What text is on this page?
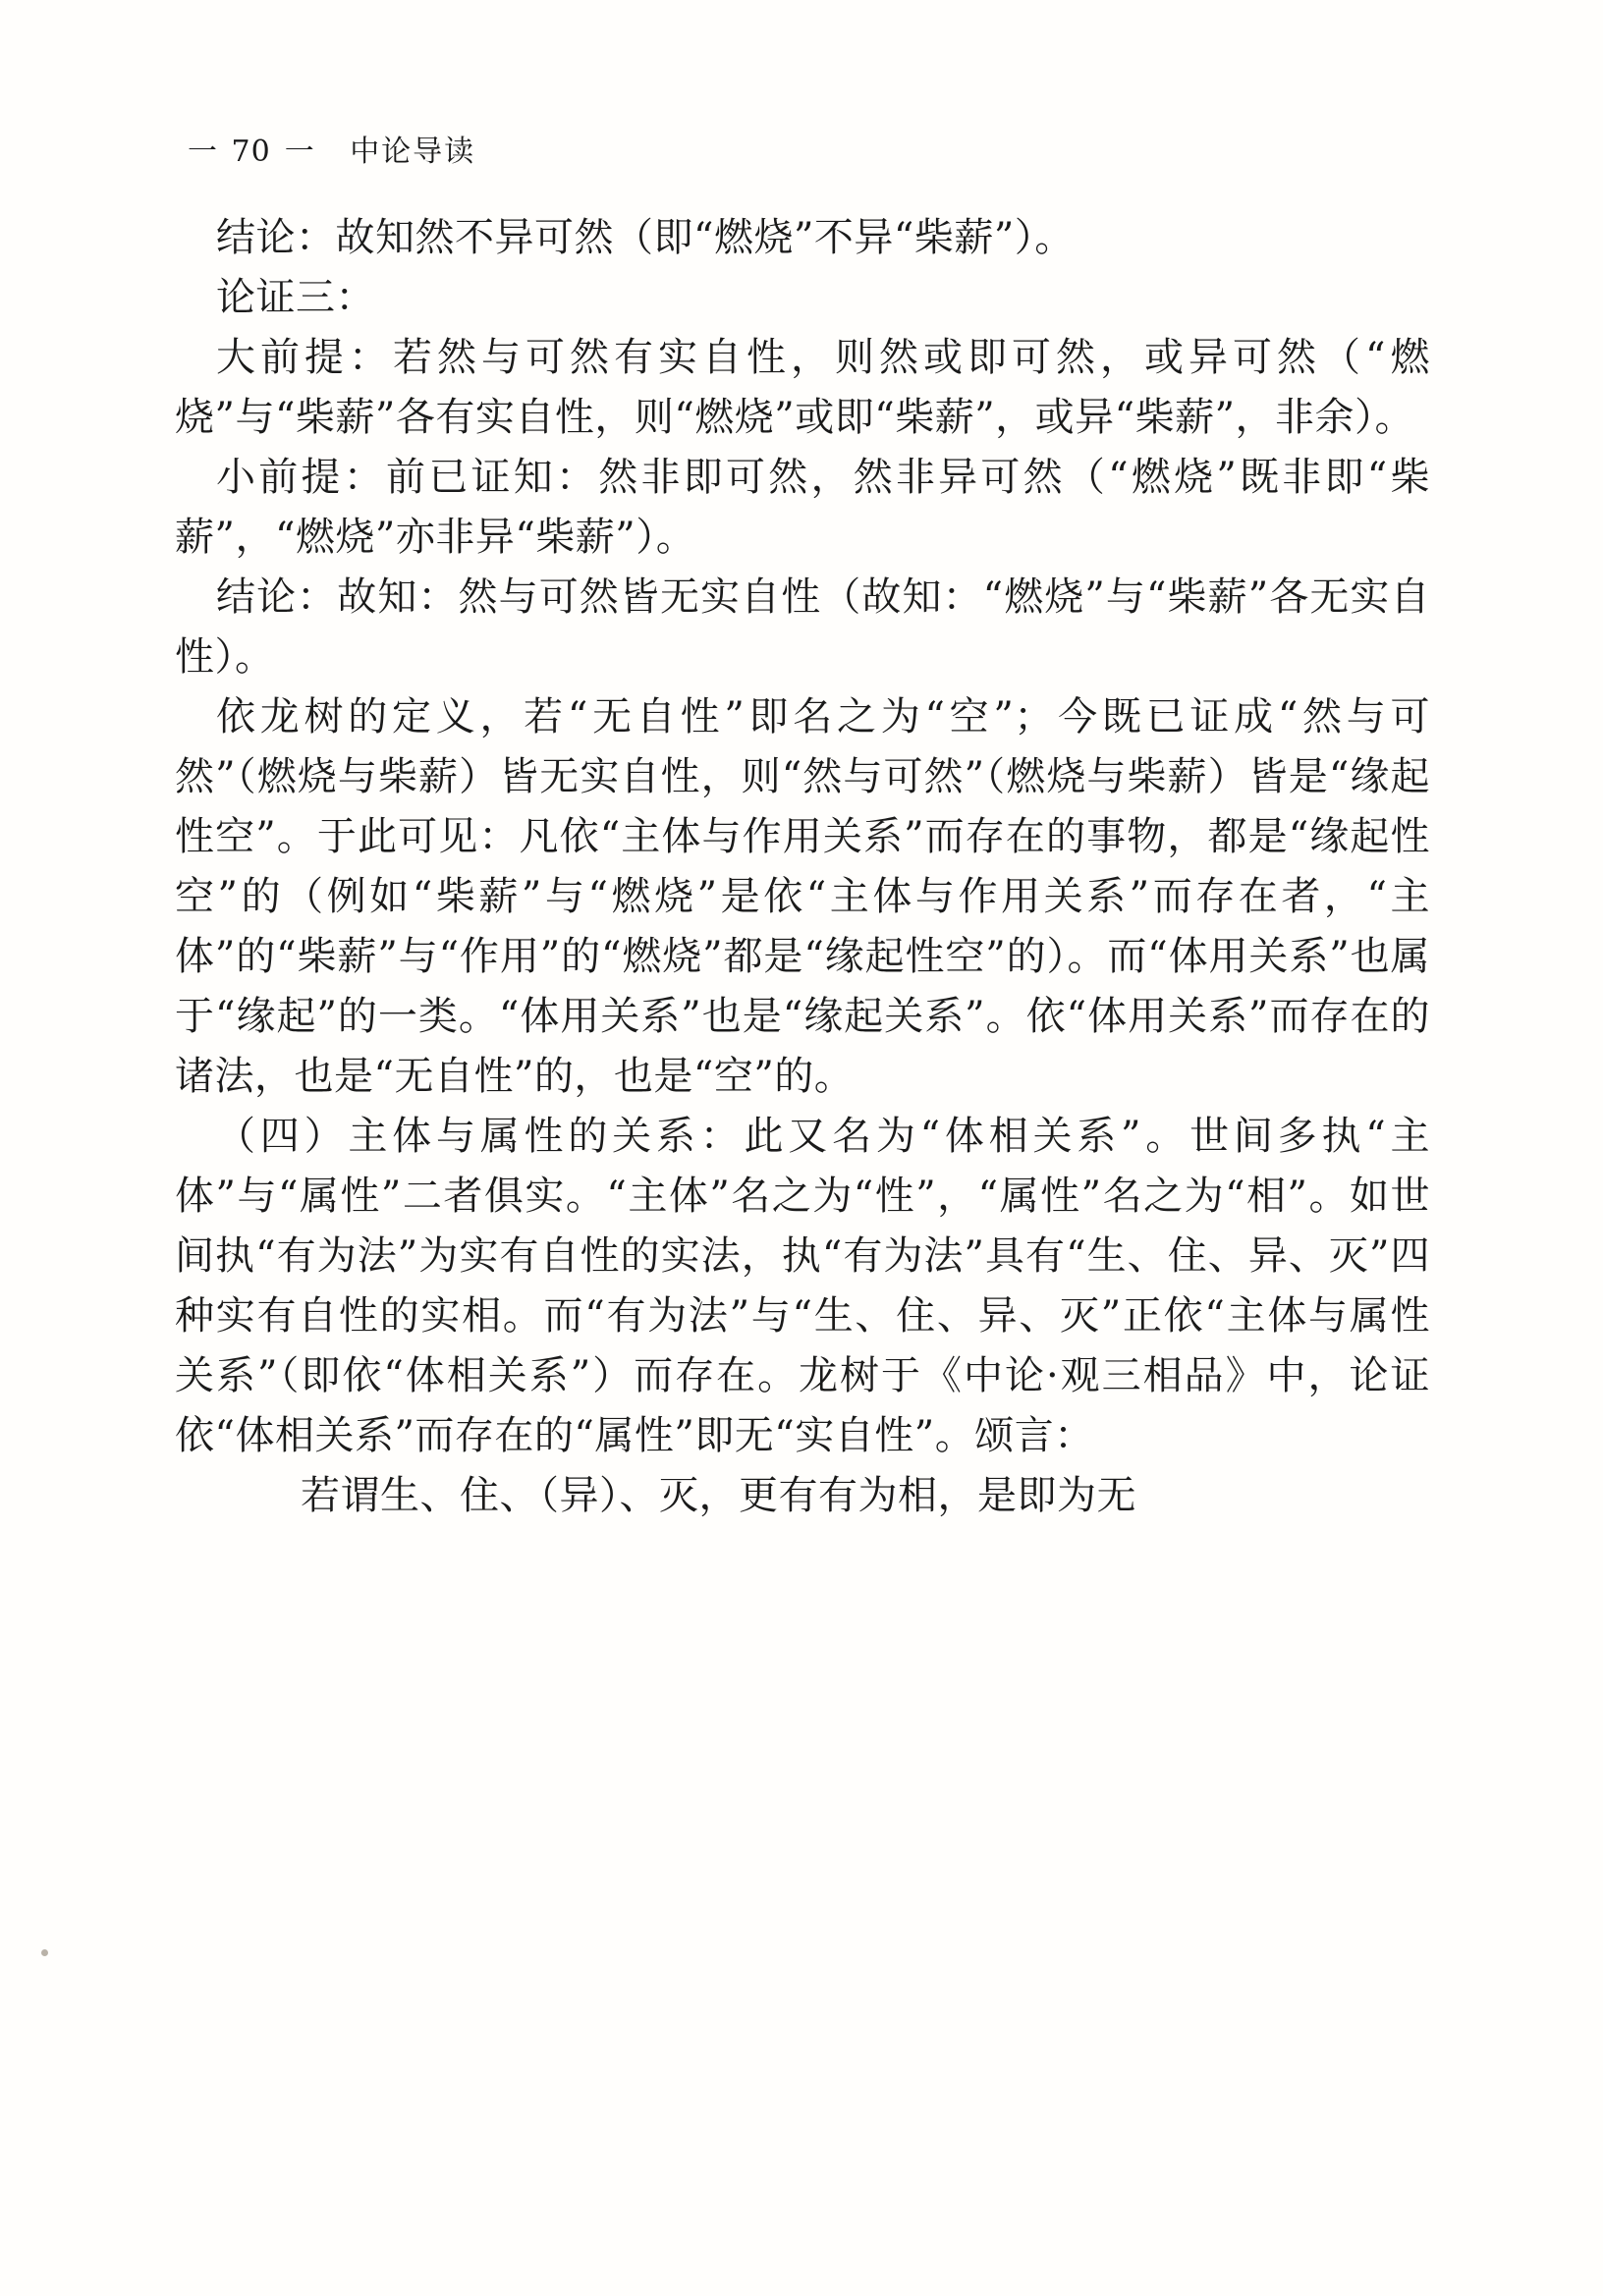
一 70 一 中论导读

结论：故知然不异可然（即“燃烧”不异“柴薪”）。

论证三：

大前提：若然与可然有实自性，则然或即可然，或异可然（“燃烧”与“柴薪”各有实自性，则“燃烧”或即“柴薪”，或异“柴薪”，非余）。

小前提：前已证知：然非即可然，然非异可然（“燃烧”既非即“柴薪”，“燃烧”亦非异“柴薪”）。

结论：故知：然与可然皆无实自性（故知：“燃烧”与“柴薪”各无实自性）。

依龙树的定义，若“无自性”即名之为“空”；今既已证成“然与可然”（燃烧与柴薪）皆无实自性，则“然与可然”（燃烧与柴薪）皆是“缘起性空”。于此可见：凡依“主体与作用关系”而存在的事物，都是“缘起性空”的（例如“柴薪”与“燃烧”是依“主体与作用关系”而存在者，“主体”的“柴薪”与“作用”的“燃烧”都是“缘起性空”的）。而“体用关系”也属于“缘起”的一类。“体用关系”也是“缘起关系”。依“体用关系”而存在的诸法，也是“无自性”的，也是“空”的。

（四）主体与属性的关系：此又名为“体相关系”。世间多执“主体”与“属性”二者俱实。“主体”名之为“性”，“属性”名之为“相”。如世间执“有为法”为实有自性的实法，执“有为法”具有“生、住、异、灭”四种实有自性的实相。而“有为法”与“生、住、异、灭”正依“主体与属性关系”（即依“体相关系”）而存在。龙树于《中论·观三相品》中，论证依“体相关系”而存在的“属性”即无“实自性”。颂言：

若谓生、住、（异）、灭，更有有为相，是即为无
